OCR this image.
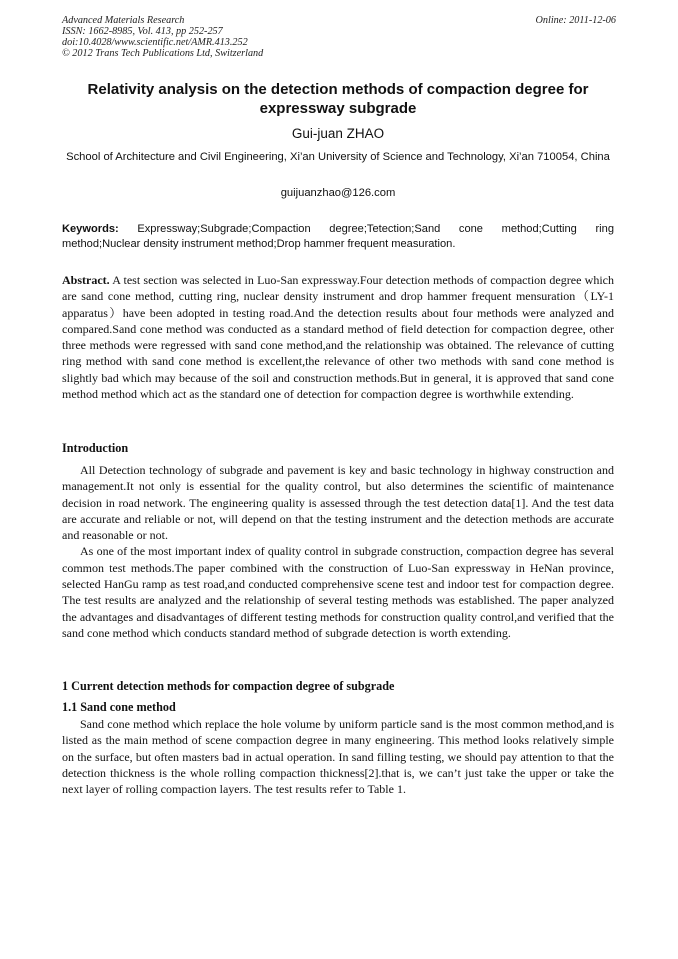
Advanced Materials Research
ISSN: 1662-8985, Vol. 413, pp 252-257
doi:10.4028/www.scientific.net/AMR.413.252
© 2012 Trans Tech Publications Ltd, Switzerland
Online: 2011-12-06
Relativity analysis on the detection methods of compaction degree for expressway subgrade
Gui-juan ZHAO
School of Architecture and Civil Engineering, Xi’an University of Science and Technology, Xi’an 710054, China
guijuanzhao@126.com
Keywords: Expressway;Subgrade;Compaction degree;Tetection;Sand cone method;Cutting ring method;Nuclear density instrument method;Drop hammer frequent measuration.
Abstract. A test section was selected in Luo-San expressway.Four detection methods of compaction degree which are sand cone method, cutting ring, nuclear density instrument and drop hammer frequent mensuration（LY-1 apparatus）have been adopted in testing road.And the detection results about four methods were analyzed and compared.Sand cone method was conducted as a standard method of field detection for compaction degree, other three methods were regressed with sand cone method,and the relationship was obtained. The relevance of cutting ring method with sand cone method is excellent,the relevance of other two methods with sand cone method is slightly bad which may because of the soil and construction methods.But in general, it is approved that sand cone method method which act as the standard one of detection for compaction degree is worthwhile extending.
Introduction

All Detection technology of subgrade and pavement is key and basic technology in highway construction and management.It not only is essential for the quality control, but also determines the scientific of maintenance decision in road network. The engineering quality is assessed through the test detection data[1]. And the test data are accurate and reliable or not, will depend on that the testing instrument and the detection methods are accurate and reasonable or not.

As one of the most important index of quality control in subgrade construction, compaction degree has several common test methods.The paper combined with the construction of Luo-San expressway in HeNan province, selected HanGu ramp as test road,and conducted comprehensive scene test and indoor test for compaction degree. The test results are analyzed and the relationship of several testing methods was established. The paper analyzed the advantages and disadvantages of different testing methods for construction quality control,and verified that the sand cone method which conducts standard method of subgrade detection is worth extending.

1 Current detection methods for compaction degree of subgrade
1.1 Sand cone method

Sand cone method which replace the hole volume by uniform particle sand is the most common method,and is listed as the main method of scene compaction degree in many engineering. This method looks relatively simple on the surface, but often masters bad in actual operation. In sand filling testing, we should pay attention to that the detection thickness is the whole rolling compaction thickness[2].that is, we can’t just take the upper or take the next layer of rolling compaction layers. The test results refer to Table 1.
